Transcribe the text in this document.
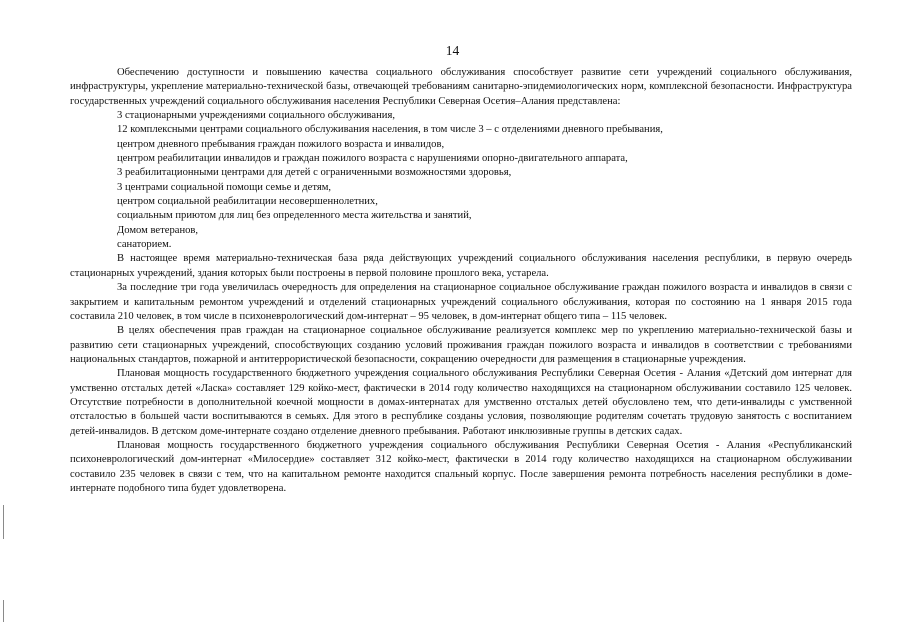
14

Обеспечению доступности и повышению качества социального обслуживания способствует развитие сети учреждений социального обслуживания, инфраструктуры, укрепление материально-технической базы, отвечающей требованиям санитарно-эпидемиологических норм, комплексной безопасности. Инфраструктура государственных учреждений социального обслуживания населения Республики Северная Осетия–Алания представлена:

3 стационарными учреждениями социального обслуживания,

12 комплексными центрами социального обслуживания населения, в том числе 3 – с отделениями дневного пребывания,

центром дневного пребывания граждан пожилого возраста и инвалидов,

центром реабилитации инвалидов и граждан пожилого возраста с нарушениями опорно-двигательного аппарата,

3 реабилитационными центрами для детей с ограниченными возможностями здоровья,

3 центрами социальной помощи семье и детям,

центром социальной реабилитации несовершеннолетних,

социальным приютом для лиц без определенного места жительства и занятий,

Домом ветеранов,

санаторием.

В настоящее время материально-техническая база ряда действующих учреждений социального обслуживания населения республики, в первую очередь стационарных учреждений, здания которых были построены в первой половине прошлого века, устарела.

За последние три года увеличилась очередность для определения на стационарное социальное обслуживание граждан пожилого возраста и инвалидов в связи с закрытием и капитальным ремонтом учреждений и отделений стационарных учреждений социального обслуживания, которая по состоянию на 1 января 2015 года составила 210 человек, в том числе в психоневрологический дом-интернат – 95 человек, в дом-интернат общего типа – 115 человек.

В целях обеспечения прав граждан на стационарное социальное обслуживание реализуется комплекс мер по укреплению материально-технической базы и развитию сети стационарных учреждений, способствующих созданию условий проживания граждан пожилого возраста и инвалидов в соответствии с требованиями национальных стандартов, пожарной и антитеррористической безопасности, сокращению очередности для размещения в стационарные учреждения.

Плановая мощность государственного бюджетного учреждения социального обслуживания Республики Северная Осетия - Алания «Детский дом интернат для умственно отсталых детей «Ласка» составляет 129 койко-мест, фактически в 2014 году количество находящихся на стационарном обслуживании составило 125 человек. Отсутствие потребности в дополнительной коечной мощности в домах-интернатах для умственно отсталых детей обусловлено тем, что дети-инвалиды с умственной отсталостью в большей части воспитываются в семьях. Для этого в республике созданы условия, позволяющие родителям сочетать трудовую занятость с воспитанием детей-инвалидов. В детском доме-интернате создано отделение дневного пребывания. Работают инклюзивные группы в детских садах.

Плановая мощность государственного бюджетного учреждения социального обслуживания Республики Северная Осетия - Алания «Республиканский психоневрологический дом-интернат «Милосердие» составляет 312 койко-мест, фактически в 2014 году количество находящихся на стационарном обслуживании составило 235 человек в связи с тем, что на капитальном ремонте находится спальный корпус. После завершения ремонта потребность населения республики в доме-интернате подобного типа будет удовлетворена.
